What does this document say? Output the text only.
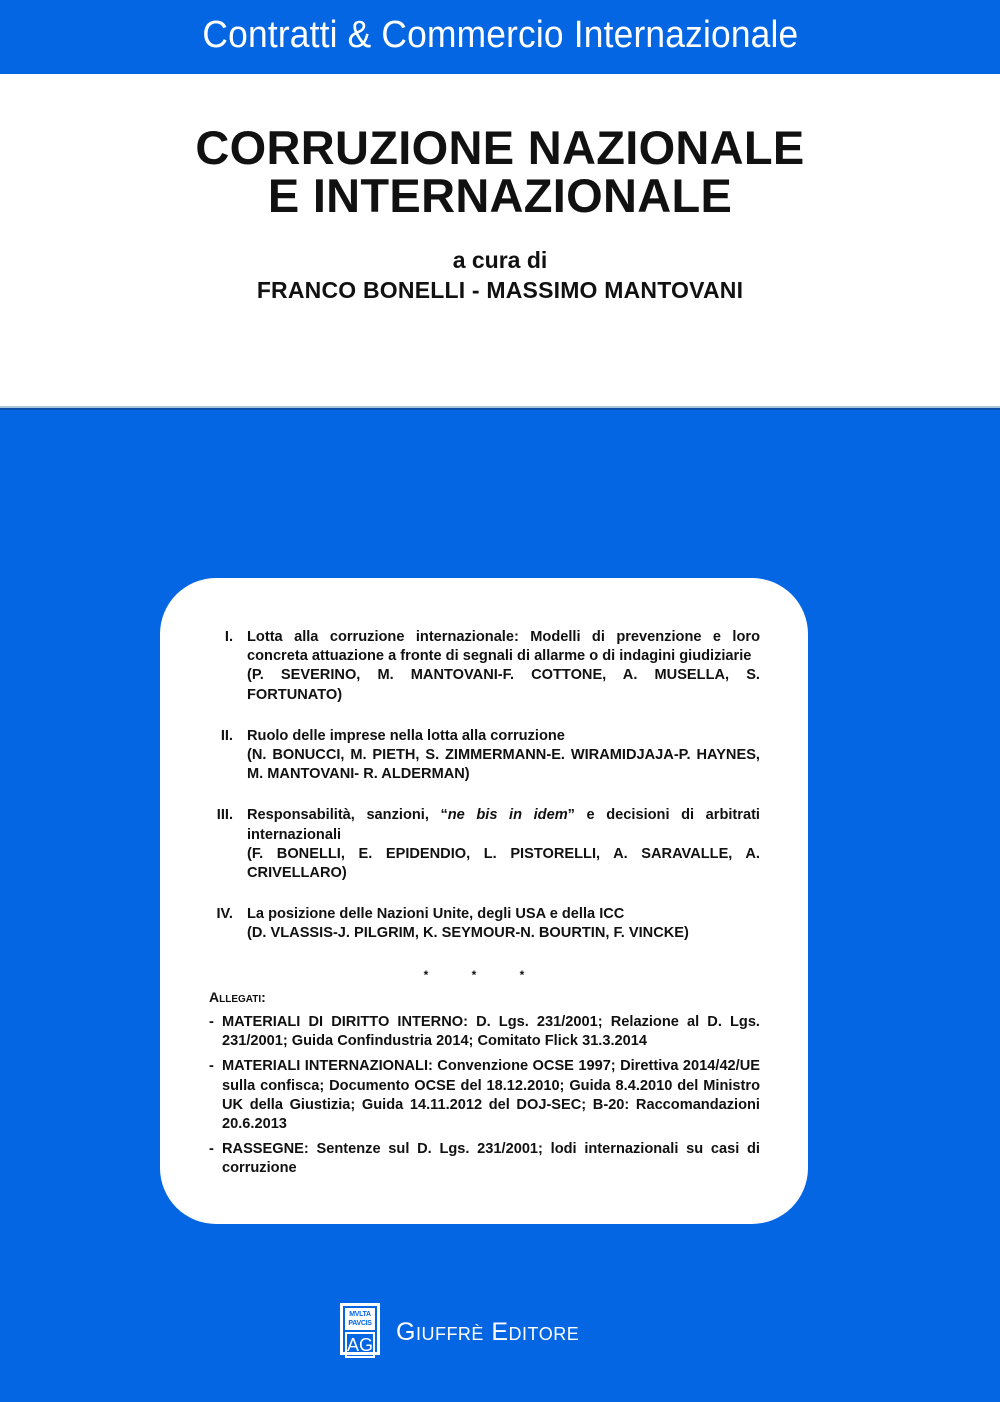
Contratti & Commercio Internazionale
CORRUZIONE NAZIONALE
E INTERNAZIONALE
a cura di
FRANCO BONELLI - MASSIMO MANTOVANI
I. Lotta alla corruzione internazionale: Modelli di prevenzione e loro concreta attuazione a fronte di segnali di allarme o di indagini giudiziarie
(P. SEVERINO, M. MANTOVANI-F. COTTONE, A. MUSELLA, S. FORTUNATO)
II. Ruolo delle imprese nella lotta alla corruzione
(N. BONUCCI, M. PIETH, S. ZIMMERMANN-E. WIRAMIDJAJA-P. HAYNES, M. MANTOVANI- R. ALDERMAN)
III. Responsabilità, sanzioni, “ne bis in idem” e decisioni di arbitrati internazionali
(F. BONELLI, E. EPIDENDIO, L. PISTORELLI, A. SARAVALLE, A. CRIVELLARO)
IV. La posizione delle Nazioni Unite, degli USA e della ICC
(D. VLASSIS-J. PILGRIM, K. SEYMOUR-N. BOURTIN, F. VINCKE)
* * *
Allegati:
- MATERIALI DI DIRITTO INTERNO: D. Lgs. 231/2001; Relazione al D. Lgs. 231/2001; Guida Confindustria 2014; Comitato Flick 31.3.2014
- MATERIALI INTERNAZIONALI: Convenzione OCSE 1997; Direttiva 2014/42/UE sulla confisca; Documento OCSE del 18.12.2010; Guida 8.4.2010 del Ministro UK della Giustizia; Guida 14.11.2012 del DOJ-SEC; B-20: Raccomandazioni 20.6.2013
- RASSEGNE: Sentenze sul D. Lgs. 231/2001; lodi internazionali su casi di corruzione
MVLTA PAVCIS
AG Giuffrè Editore
